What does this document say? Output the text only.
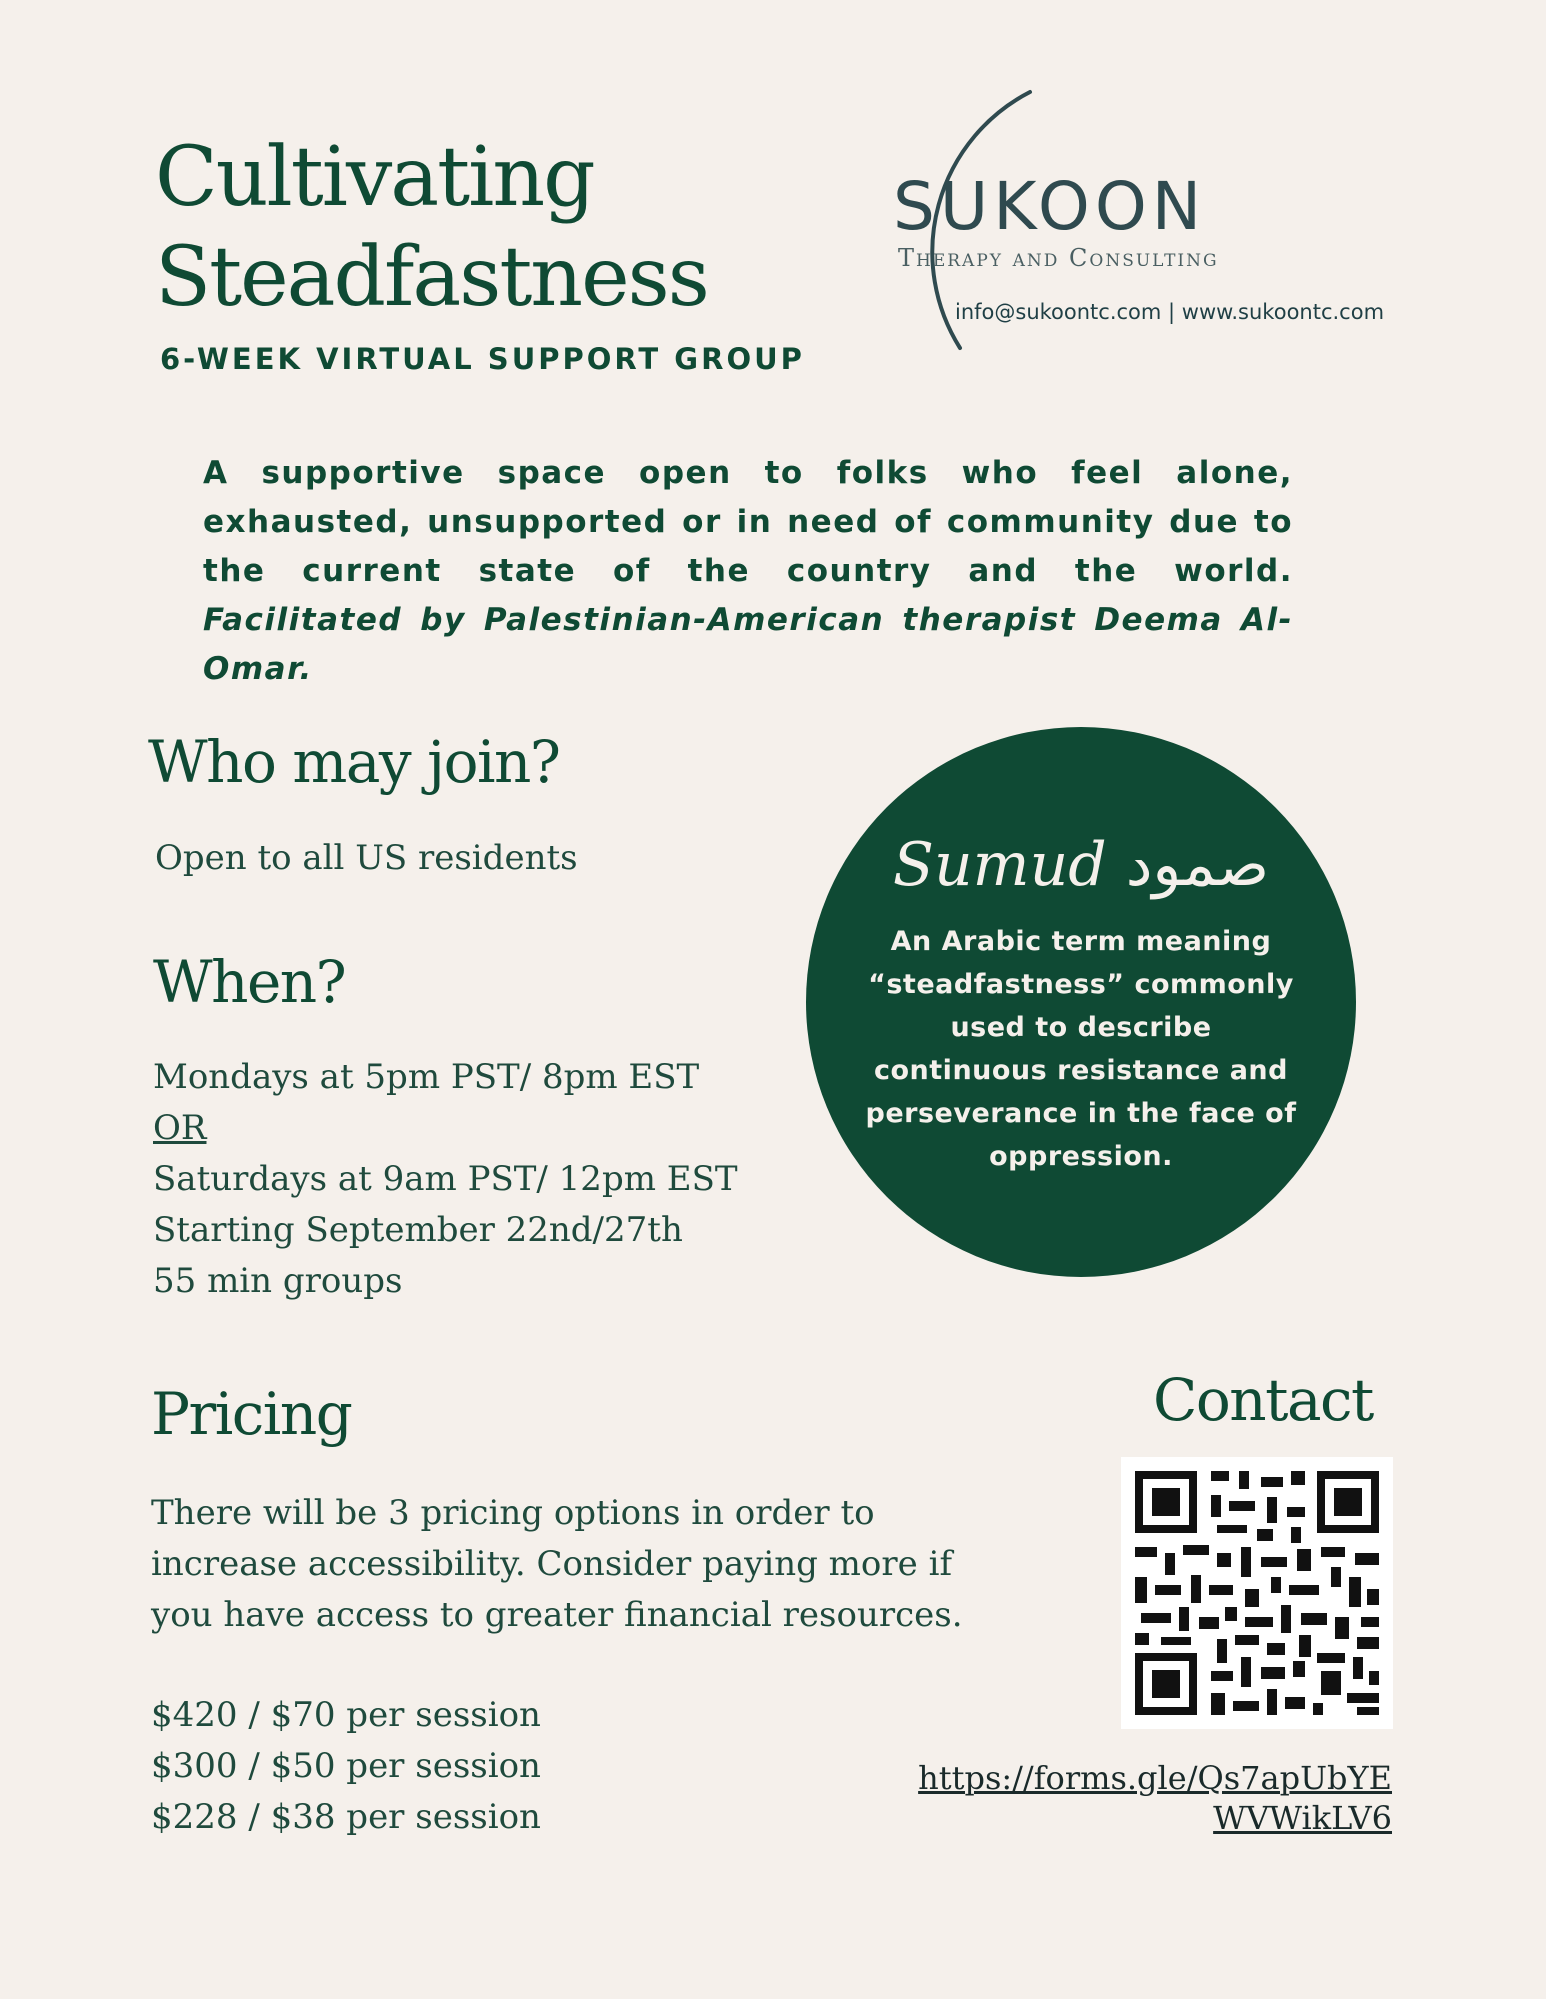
Cultivating
Steadfastness
6-WEEK VIRTUAL SUPPORT GROUP
SUKOON
Therapy and Consulting
info@sukoontc.com | www.sukoontc.com
A supportive space open to folks who feel alone, exhausted, unsupported or in need of community due to the current state of the country and the world. Facilitated by Palestinian-American therapist Deema Al-Omar.
Who may join?
Open to all US residents
When?
Mondays at 5pm PST/ 8pm EST
OR
Saturdays at 9am PST/ 12pm EST
Starting September 22nd/27th
55 min groups
Sumud صمود
An Arabic term meaning “steadfastness” commonly used to describe continuous resistance and perseverance in the face of oppression.
Pricing
There will be 3 pricing options in order to increase accessibility. Consider paying more if you have access to greater financial resources.
$420 / $70 per session
$300 / $50 per session
$228 / $38 per session
Contact
https://forms.gle/Qs7apUbYEWVWikLV6
